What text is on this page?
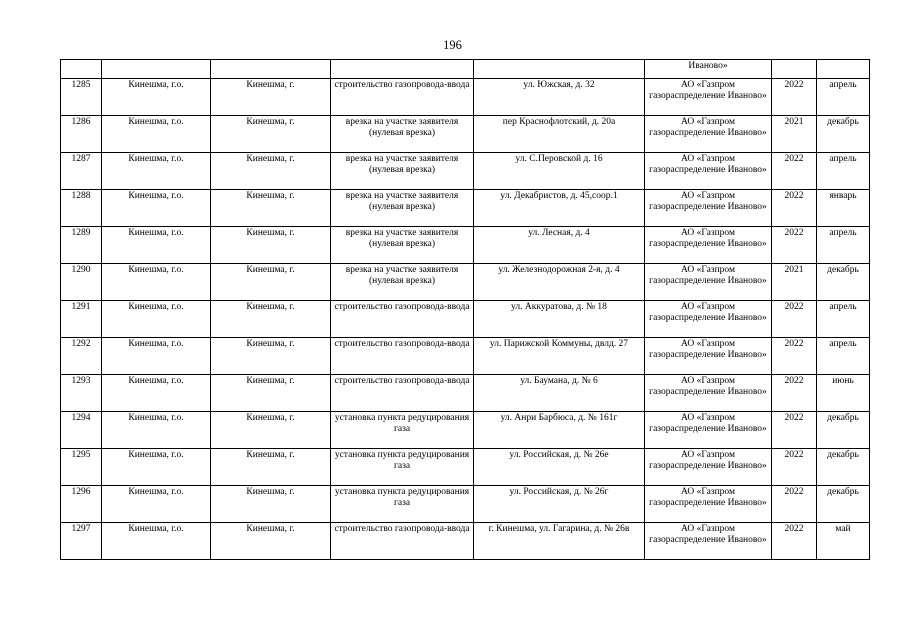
196
					Иваново»		
1285	Кинешма, г.о.	Кинешма, г.	строительство газопровода-ввода	ул. Южская, д. 32	АО «Газпром газораспределение Иваново»	2022	апрель
1286	Кинешма, г.о.	Кинешма, г.	врезка на участке заявителя (нулевая врезка)	пер Краснофлотский, д. 20а	АО «Газпром газораспределение Иваново»	2021	декабрь
1287	Кинешма, г.о.	Кинешма, г.	врезка на участке заявителя (нулевая врезка)	ул. С.Перовской д. 16	АО «Газпром газораспределение Иваново»	2022	апрель
1288	Кинешма, г.о.	Кинешма, г.	врезка на участке заявителя (нулевая врезка)	ул. Декабристов, д. 45,соор.1	АО «Газпром газораспределение Иваново»	2022	январь
1289	Кинешма, г.о.	Кинешма, г.	врезка на участке заявителя (нулевая врезка)	ул. Лесная, д. 4	АО «Газпром газораспределение Иваново»	2022	апрель
1290	Кинешма, г.о.	Кинешма, г.	врезка на участке заявителя (нулевая врезка)	ул. Железнодорожная 2-я, д. 4	АО «Газпром газораспределение Иваново»	2021	декабрь
1291	Кинешма, г.о.	Кинешма, г.	строительство газопровода-ввода	ул. Аккуратова, д. № 18	АО «Газпром газораспределение Иваново»	2022	апрель
1292	Кинешма, г.о.	Кинешма, г.	строительство газопровода-ввода	ул. Парижской Коммуны, двлд. 27	АО «Газпром газораспределение Иваново»	2022	апрель
1293	Кинешма, г.о.	Кинешма, г.	строительство газопровода-ввода	ул. Баумана, д. № 6	АО «Газпром газораспределение Иваново»	2022	июнь
1294	Кинешма, г.о.	Кинешма, г.	установка пункта редуцирования газа	ул. Анри Барбюса, д. № 161г	АО «Газпром газораспределение Иваново»	2022	декабрь
1295	Кинешма, г.о.	Кинешма, г.	установка пункта редуцирования газа	ул. Российская, д. № 26е	АО «Газпром газораспределение Иваново»	2022	декабрь
1296	Кинешма, г.о.	Кинешма, г.	установка пункта редуцирования газа	ул. Российская, д. № 26г	АО «Газпром газораспределение Иваново»	2022	декабрь
1297	Кинешма, г.о.	Кинешма, г.	строительство газопровода-ввода	г. Кинешма, ул. Гагарина, д. № 26в	АО «Газпром газораспределение Иваново»	2022	май
